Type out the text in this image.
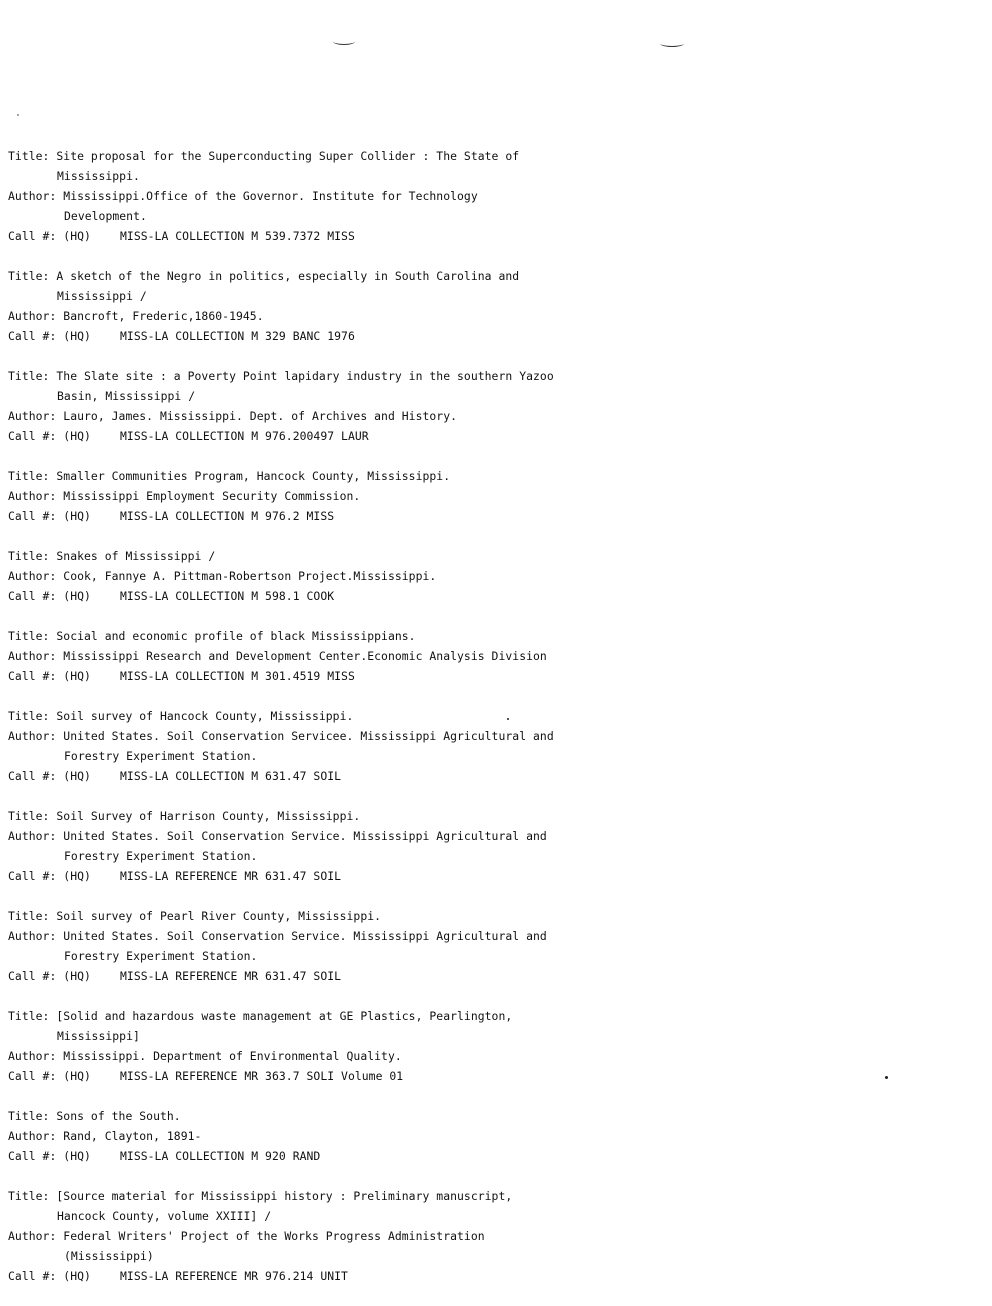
Title: Site proposal for the Superconducting Super Collider : The State of
Mississippi.
Author: Mississippi.Office of the Governor. Institute for Technology
Development.
Call #: (HQ)	MISS-LA COLLECTION M 539.7372 MISS
Title: A sketch of the Negro in politics, especially in South Carolina and
Mississippi /
Author: Bancroft, Frederic,1860-1945.
Call #: (HQ)	MISS-LA COLLECTION M 329 BANC 1976
Title: The Slate site : a Poverty Point lapidary industry in the southern Yazoo
Basin, Mississippi /
Author: Lauro, James. Mississippi. Dept. of Archives and History.
Call #: (HQ)	MISS-LA COLLECTION M 976.200497 LAUR
Title: Smaller Communities Program, Hancock County, Mississippi.
Author: Mississippi Employment Security Commission.
Call #: (HQ)	MISS-LA COLLECTION M 976.2 MISS
Title: Snakes of Mississippi /
Author: Cook, Fannye A. Pittman-Robertson Project.Mississippi.
Call #: (HQ)	MISS-LA COLLECTION M 598.1 COOK
Title: Social and economic profile of black Mississippians.
Author: Mississippi Research and Development Center.Economic Analysis Division
Call #: (HQ)	MISS-LA COLLECTION M 301.4519 MISS
Title: Soil survey of Hancock County, Mississippi.
Author: United States. Soil Conservation Servicee. Mississippi Agricultural and
Forestry Experiment Station.
Call #: (HQ)	MISS-LA COLLECTION M 631.47 SOIL
Title: Soil Survey of Harrison County, Mississippi.
Author: United States. Soil Conservation Service. Mississippi Agricultural and
Forestry Experiment Station.
Call #: (HQ)	MISS-LA REFERENCE MR 631.47 SOIL
Title: Soil survey of Pearl River County, Mississippi.
Author: United States. Soil Conservation Service. Mississippi Agricultural and
Forestry Experiment Station.
Call #: (HQ)	MISS-LA REFERENCE MR 631.47 SOIL
Title: [Solid and hazardous waste management at GE Plastics, Pearlington,
Mississippi]
Author: Mississippi. Department of Environmental Quality.
Call #: (HQ)	MISS-LA REFERENCE MR 363.7 SOLI Volume 01
Title: Sons of the South.
Author: Rand, Clayton, 1891-
Call #: (HQ)	MISS-LA COLLECTION M 920 RAND
Title: [Source material for Mississippi history : Preliminary manuscript,
Hancock County, volume XXIII] /
Author: Federal Writers' Project of the Works Progress Administration
(Mississippi)
Call #: (HQ)	MISS-LA REFERENCE MR 976.214 UNIT
